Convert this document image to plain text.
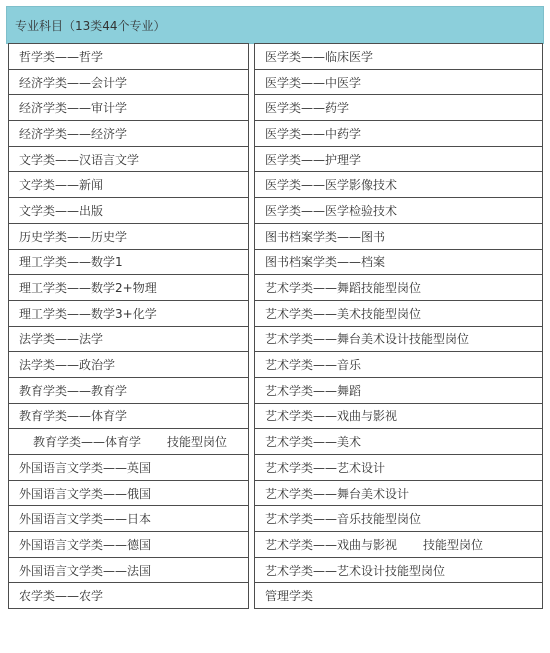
专业科目（13类44个专业）
哲学类——哲学		医学类——临床医学
经济学类——会计学		医学类——中医学
经济学类——审计学		医学类——药学
经济学类——经济学		医学类——中药学
文学类——汉语言文学		医学类——护理学
文学类——新闻		医学类——医学影像技术
文学类——出版		医学类——医学检验技术
历史学类——历史学		图书档案学类——图书
理工学类——数学1		图书档案学类——档案
理工学类——数学2+物理		艺术学类——舞蹈技能型岗位
理工学类——数学3+化学		艺术学类——美术技能型岗位
法学类——法学		艺术学类——舞台美术设计技能型岗位
法学类——政治学		艺术学类——音乐
教育学类——教育学		艺术学类——舞蹈
教育学类——体育学		艺术学类——戏曲与影视
教育学类——体育学 技能型岗位		艺术学类——美术
外国语言文学类——英国		艺术学类——艺术设计
外国语言文学类——俄国		艺术学类——舞台美术设计
外国语言文学类——日本		艺术学类——音乐技能型岗位
外国语言文学类——德国		艺术学类——戏曲与影视 技能型岗位
外国语言文学类——法国		艺术学类——艺术设计技能型岗位
农学类——农学		管理学类
